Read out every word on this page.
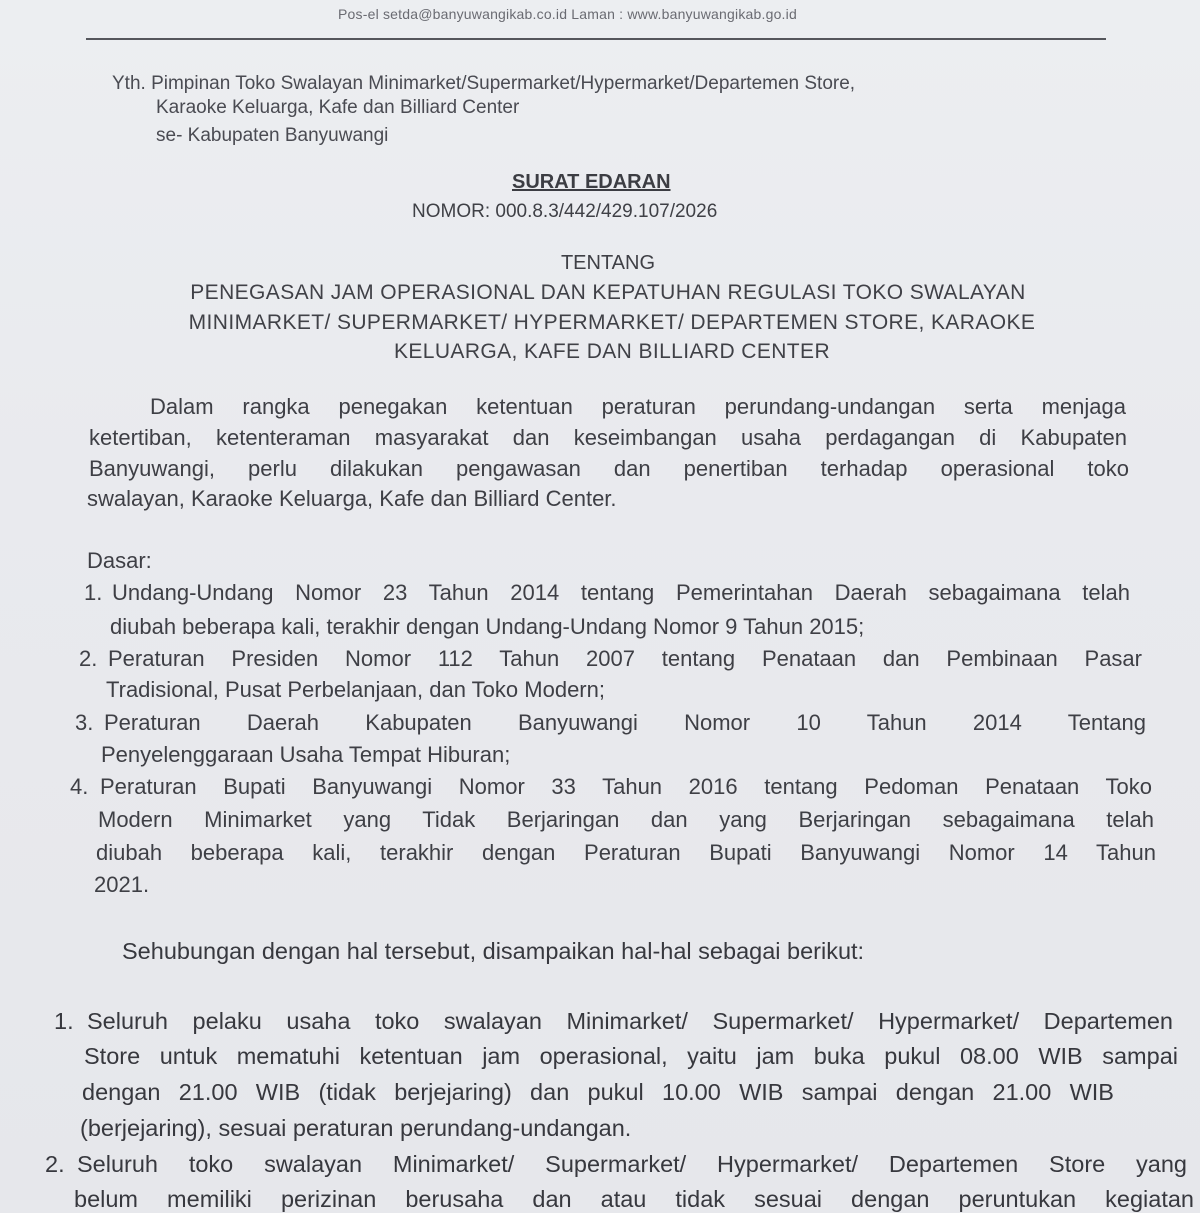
Pos-el setda@banyuwangikab.co.id Laman : www.banyuwangikab.go.id
Yth. Pimpinan Toko Swalayan Minimarket/Supermarket/Hypermarket/Departemen Store,
Karaoke Keluarga, Kafe dan Billiard Center
se- Kabupaten Banyuwangi
SURAT EDARAN
NOMOR: 000.8.3/442/429.107/2026
TENTANG
PENEGASAN JAM OPERASIONAL DAN KEPATUHAN REGULASI TOKO SWALAYAN
MINIMARKET/ SUPERMARKET/ HYPERMARKET/ DEPARTEMEN STORE, KARAOKE
KELUARGA, KAFE DAN BILLIARD CENTER
Dalam rangka penegakan ketentuan peraturan perundang-undangan serta menjaga
ketertiban, ketenteraman masyarakat dan keseimbangan usaha perdagangan di Kabupaten
Banyuwangi, perlu dilakukan pengawasan dan penertiban terhadap operasional toko
swalayan, Karaoke Keluarga, Kafe dan Billiard Center.
Dasar:
1. Undang-Undang Nomor 23 Tahun 2014 tentang Pemerintahan Daerah sebagaimana telah
diubah beberapa kali, terakhir dengan Undang-Undang Nomor 9 Tahun 2015;
2. Peraturan Presiden Nomor 112 Tahun 2007 tentang Penataan dan Pembinaan Pasar
Tradisional, Pusat Perbelanjaan, dan Toko Modern;
3. Peraturan Daerah Kabupaten Banyuwangi Nomor 10 Tahun 2014 Tentang
Penyelenggaraan Usaha Tempat Hiburan;
4. Peraturan Bupati Banyuwangi Nomor 33 Tahun 2016 tentang Pedoman Penataan Toko
Modern Minimarket yang Tidak Berjaringan dan yang Berjaringan sebagaimana telah
diubah beberapa kali, terakhir dengan Peraturan Bupati Banyuwangi Nomor 14 Tahun
2021.
Sehubungan dengan hal tersebut, disampaikan hal-hal sebagai berikut:
1. Seluruh pelaku usaha toko swalayan Minimarket/ Supermarket/ Hypermarket/ Departemen
Store untuk mematuhi ketentuan jam operasional, yaitu jam buka pukul 08.00 WIB sampai
dengan 21.00 WIB (tidak berjejaring) dan pukul 10.00 WIB sampai dengan 21.00 WIB
(berjejaring), sesuai peraturan perundang-undangan.
2. Seluruh toko swalayan Minimarket/ Supermarket/ Hypermarket/ Departemen Store yang
belum memiliki perizinan berusaha dan atau tidak sesuai dengan peruntukan kegiatan
